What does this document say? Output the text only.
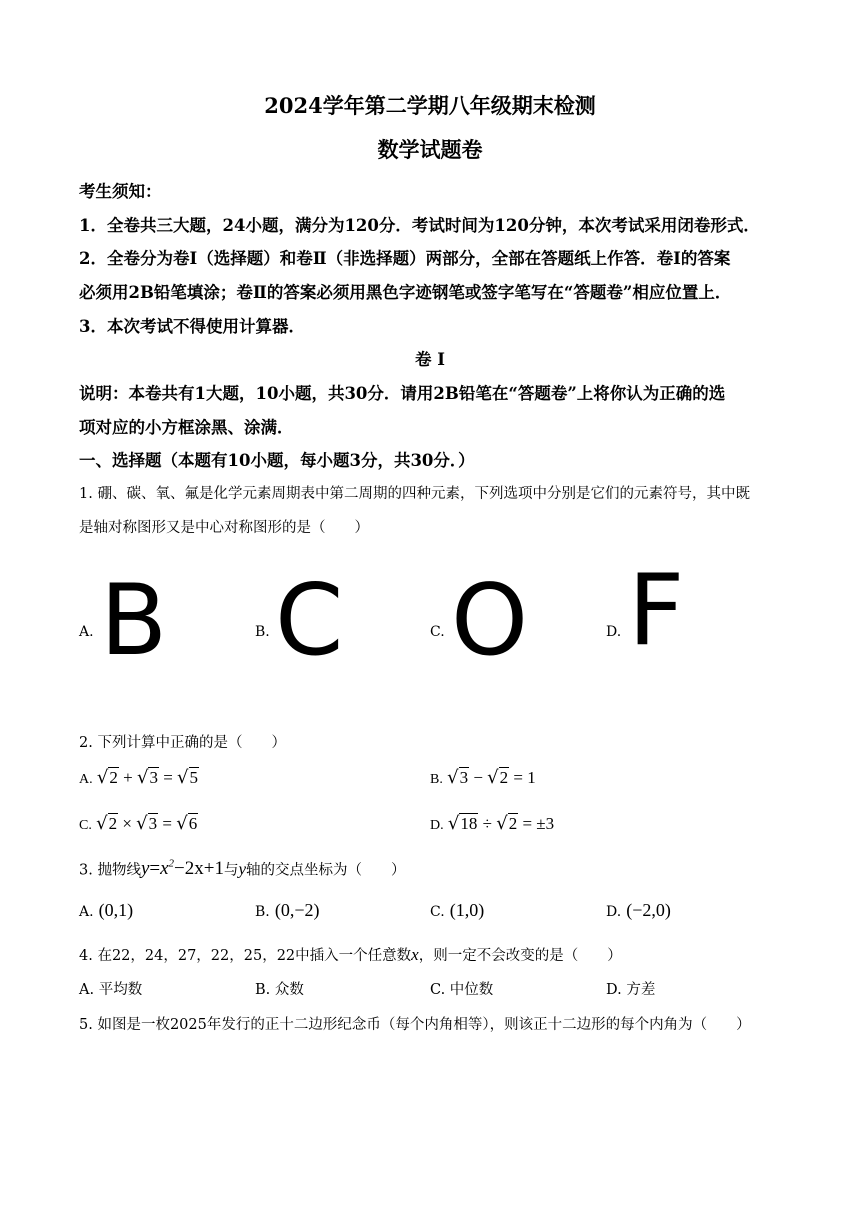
2024学年第二学期八年级期末检测
数学试题卷
考生须知：
1．全卷共三大题，24小题，满分为120分．考试时间为120分钟，本次考试采用闭卷形式．
2．全卷分为卷I（选择题）和卷Ⅱ（非选择题）两部分，全部在答题纸上作答．卷I的答案
必须用2B铅笔填涂；卷Ⅱ的答案必须用黑色字迹钢笔或签字笔写在“答题卷”相应位置上．
3．本次考试不得使用计算器．
卷 I
说明：本卷共有1大题，10小题，共30分．请用2B铅笔在“答题卷”上将你认为正确的选
项对应的小方框涂黑、涂满．
一、选择题（本题有10小题，每小题3分，共30分．）
1. 硼、碳、氧、氟是化学元素周期表中第二周期的四种元素，下列选项中分别是它们的元素符号，其中既
是轴对称图形又是中心对称图形的是（　　）
A. B	B. C	C. O	D. F
2. 下列计算中正确的是（　　）
A. √2 + √3 = √5	B. √3 − √2 = 1
C. √2 × √3 = √6	D. √18 ÷ √2 = ±3
3. 抛物线$y=x^2-2x+1$与y轴的交点坐标为（　　）
A. (0,1)	B. (0,−2)	C. (1,0)	D. (−2,0)
4. 在22，24，27，22，25，22中插入一个任意数x，则一定不会改变的是（　　）
A. 平均数	B. 众数	C. 中位数	D. 方差
5. 如图是一枚2025年发行的正十二边形纪念币（每个内角相等），则该正十二边形的每个内角为（　　）
